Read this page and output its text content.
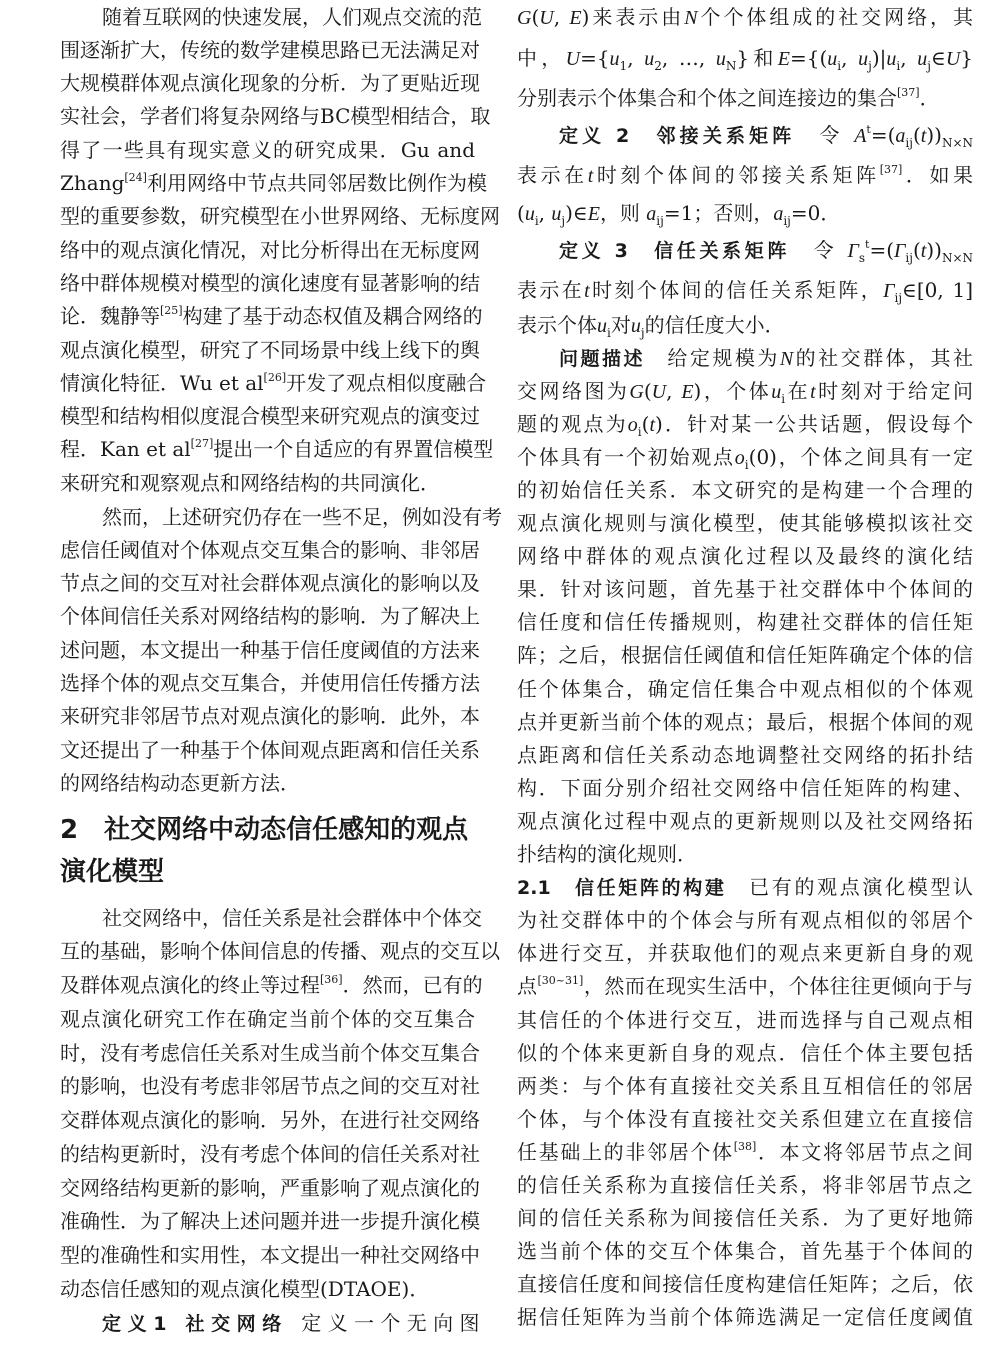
随着互联网的快速发展，人们观点交流的范
围逐渐扩大，传统的数学建模思路已无法满足对
大规模群体观点演化现象的分析．为了更贴近现
实社会，学者们将复杂网络与BC模型相结合，取
得了一些具有现实意义的研究成果．Gu and
Zhang[24]利用网络中节点共同邻居数比例作为模
型的重要参数，研究模型在小世界网络、无标度网
络中的观点演化情况，对比分析得出在无标度网
络中群体规模对模型的演化速度有显著影响的结
论．魏静等[25]构建了基于动态权值及耦合网络的
观点演化模型，研究了不同场景中线上线下的舆
情演化特征．Wu et al[26]开发了观点相似度融合
模型和结构相似度混合模型来研究观点的演变过
程．Kan et al[27]提出一个自适应的有界置信模型
来研究和观察观点和网络结构的共同演化．
然而，上述研究仍存在一些不足，例如没有考
虑信任阈值对个体观点交互集合的影响、非邻居
节点之间的交互对社会群体观点演化的影响以及
个体间信任关系对网络结构的影响．为了解决上
述问题，本文提出一种基于信任度阈值的方法来
选择个体的观点交互集合，并使用信任传播方法
来研究非邻居节点对观点演化的影响．此外，本
文还提出了一种基于个体间观点距离和信任关系
的网络结构动态更新方法．
2　社交网络中动态信任感知的观点
演化模型
社交网络中，信任关系是社会群体中个体交
互的基础，影响个体间信息的传播、观点的交互以
及群体观点演化的终止等过程[36]．然而，已有的
观点演化研究工作在确定当前个体的交互集合
时，没有考虑信任关系对生成当前个体交互集合
的影响，也没有考虑非邻居节点之间的交互对社
交群体观点演化的影响．另外，在进行社交网络
的结构更新时，没有考虑个体间的信任关系对社
交网络结构更新的影响，严重影响了观点演化的
准确性．为了解决上述问题并进一步提升演化模
型的准确性和实用性，本文提出一种社交网络中
动态信任感知的观点演化模型(DTAOE)．
定 义 1　社 交 网 络　定 义 一 个 无 向 图
G(U, E)来表示由N个个体组成的社交网络，其
中，$U=\{u_1$, $u_2$, …, $u_N$}和$E=\{(u_i$, $u_j)|u_i$, $u_j\in U$}
分别表示个体集合和个体之间连接边的集合[37]．
定义 2　邻接关系矩阵　令 $A^t=(a_{ij}(t))_{N\times N}$
表示在t时刻个体间的邻接关系矩阵[37]．如果
($u_i$, $u_j)\in E$，则 $a_{ij}=1$；否则，$a_{ij}=0$．
定义 3　信任关系矩阵　令 $\Gamma_s^t=(\Gamma_{ij}(t))_{N\times N}$
表示在t时刻个体间的信任关系矩阵，$\Gamma_{ij}\in[0$, 1]
表示个体$u_i$对$u_j$的信任度大小．
问题描述　给定规模为N的社交群体，其社
交网络图为G(U, E)，个体$u_i$在t时刻对于给定问
题的观点为$o_i(t)$．针对某一公共话题，假设每个
个体具有一个初始观点$o_i(0)$，个体之间具有一定
的初始信任关系．本文研究的是构建一个合理的
观点演化规则与演化模型，使其能够模拟该社交
网络中群体的观点演化过程以及最终的演化结
果．针对该问题，首先基于社交群体中个体间的
信任度和信任传播规则，构建社交群体的信任矩
阵；之后，根据信任阈值和信任矩阵确定个体的信
任个体集合，确定信任集合中观点相似的个体观
点并更新当前个体的观点；最后，根据个体间的观
点距离和信任关系动态地调整社交网络的拓扑结
构．下面分别介绍社交网络中信任矩阵的构建、
观点演化过程中观点的更新规则以及社交网络拓
扑结构的演化规则．
2.1　信任矩阵的构建　已有的观点演化模型认
为社交群体中的个体会与所有观点相似的邻居个
体进行交互，并获取他们的观点来更新自身的观
点[30~31]，然而在现实生活中，个体往往更倾向于与
其信任的个体进行交互，进而选择与自己观点相
似的个体来更新自身的观点．信任个体主要包括
两类：与个体有直接社交关系且互相信任的邻居
个体，与个体没有直接社交关系但建立在直接信
任基础上的非邻居个体[38]．本文将邻居节点之间
的信任关系称为直接信任关系，将非邻居节点之
间的信任关系称为间接信任关系．为了更好地筛
选当前个体的交互个体集合，首先基于个体间的
直接信任度和间接信任度构建信任矩阵；之后，依
据信任矩阵为当前个体筛选满足一定信任度阈值
